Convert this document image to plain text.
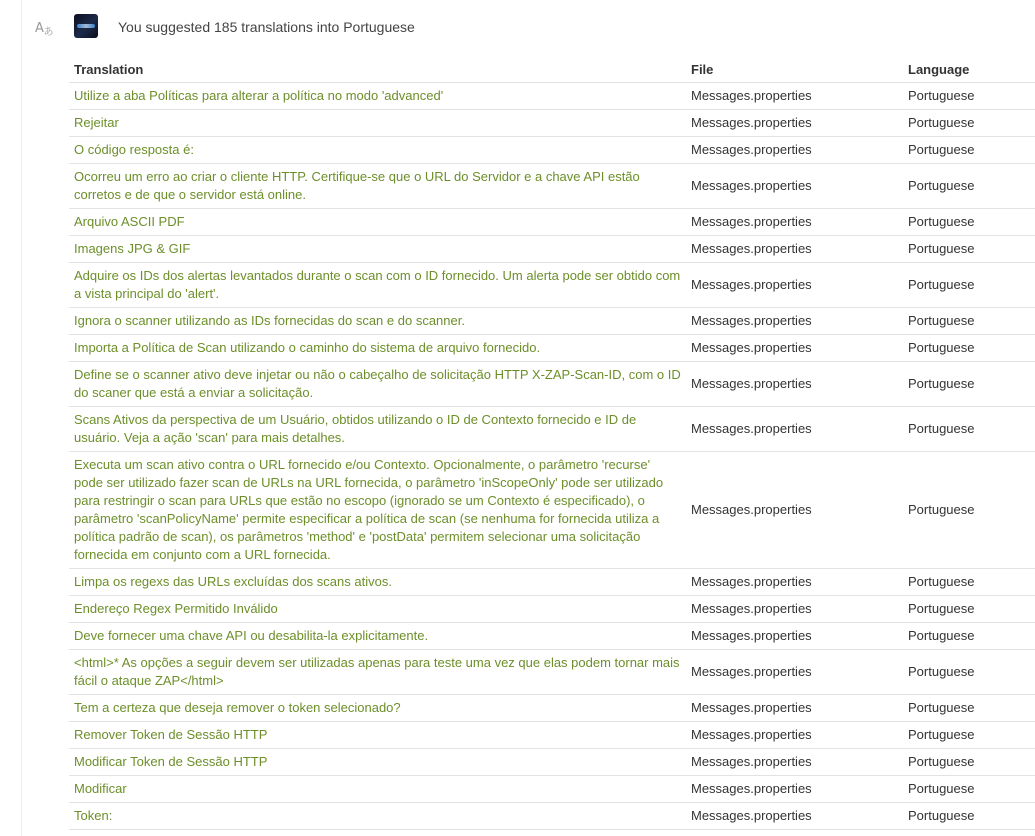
A あ	You suggested 185 translations into Portuguese
Translation	File	Language
Utilize a aba Políticas para alterar a política no modo 'advanced'	Messages.properties	Portuguese
Rejeitar	Messages.properties	Portuguese
O código resposta é:	Messages.properties	Portuguese
Ocorreu um erro ao criar o cliente HTTP. Certifique-se que o URL do Servidor e a chave API estão corretos e de que o servidor está online.	Messages.properties	Portuguese
Arquivo ASCII PDF	Messages.properties	Portuguese
Imagens JPG & GIF	Messages.properties	Portuguese
Adquire os IDs dos alertas levantados durante o scan com o ID fornecido. Um alerta pode ser obtido com a vista principal do 'alert'.	Messages.properties	Portuguese
Ignora o scanner utilizando as IDs fornecidas do scan e do scanner.	Messages.properties	Portuguese
Importa a Política de Scan utilizando o caminho do sistema de arquivo fornecido.	Messages.properties	Portuguese
Define se o scanner ativo deve injetar ou não o cabeçalho de solicitação HTTP X-ZAP-Scan-ID, com o ID do scaner que está a enviar a solicitação.	Messages.properties	Portuguese
Scans Ativos da perspectiva de um Usuário, obtidos utilizando o ID de Contexto fornecido e ID de usuário. Veja a ação 'scan' para mais detalhes.	Messages.properties	Portuguese
Executa um scan ativo contra o URL fornecido e/ou Contexto. Opcionalmente, o parâmetro 'recurse' pode ser utilizado fazer scan de URLs na URL fornecida, o parâmetro 'inScopeOnly' pode ser utilizado para restringir o scan para URLs que estão no escopo (ignorado se um Contexto é especificado), o parâmetro 'scanPolicyName' permite especificar a política de scan (se nenhuma for fornecida utiliza a política padrão de scan), os parâmetros 'method' e 'postData' permitem selecionar uma solicitação fornecida em conjunto com a URL fornecida.	Messages.properties	Portuguese
Limpa os regexs das URLs excluídas dos scans ativos.	Messages.properties	Portuguese
Endereço Regex Permitido Inválido	Messages.properties	Portuguese
Deve fornecer uma chave API ou desabilita-la explicitamente.	Messages.properties	Portuguese
<html>* As opções a seguir devem ser utilizadas apenas para teste uma vez que elas podem tornar mais fácil o ataque ZAP</html>	Messages.properties	Portuguese
Tem a certeza que deseja remover o token selecionado?	Messages.properties	Portuguese
Remover Token de Sessão HTTP	Messages.properties	Portuguese
Modificar Token de Sessão HTTP	Messages.properties	Portuguese
Modificar	Messages.properties	Portuguese
Token:	Messages.properties	Portuguese
